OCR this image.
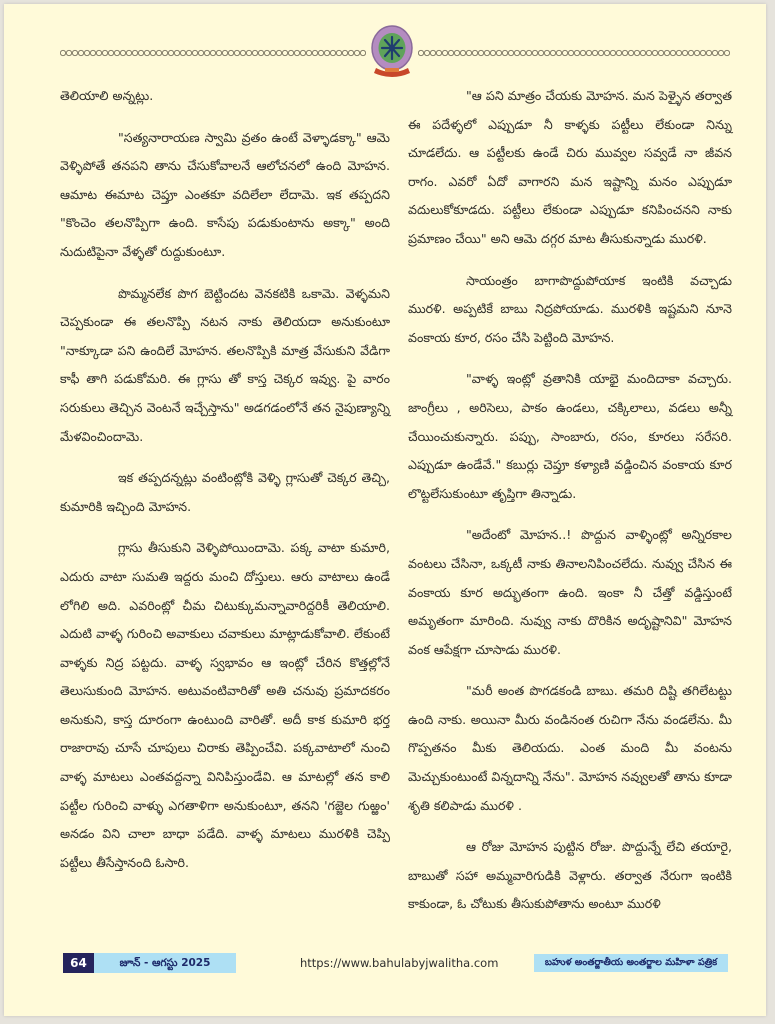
తెలియాలి అన్నట్లు.

"సత్యనారాయణ స్వామి వ్రతం ఉంటే వెళ్ళాడక్కా" ఆమె వెళ్ళిపోతే తనపని తాను చేసుకోవాలనే ఆలోచనలో ఉంది మోహన. ఆమాట ఈమాట చెప్తూ ఎంతకూ వదిలేలా లేదామె. ఇక తప్పదని "కొంచెం తలనొప్పిగా ఉంది. కాసేపు పడుకుంటాను అక్కా" అంది నుదుటిపైనా వేళ్ళతో రుద్దుకుంటూ.

పొమ్మనలేక పొగ బెట్టిందట వెనకటికి ఒకామె. వెళ్ళమని చెప్పకుండా ఈ తలనొప్పి నటన నాకు తెలియదా అనుకుంటూ "నాక్కూడా పని ఉందిలే మోహన. తలనొప్పికి మాత్ర వేసుకుని వేడిగా కాఫీ తాగి పడుకోమరి. ఈ గ్లాసు తో కాస్త చెక్కర ఇవ్వు. పై వారం సరుకులు తెచ్చిన వెంటనే ఇచ్చేస్తాను" అడగడంలోనే తన నైపుణ్యాన్ని మేళవించిందామె.

ఇక తప్పదన్నట్లు వంటింట్లోకి వెళ్ళి గ్లాసుతో చెక్కర తెచ్చి, కుమారికి ఇచ్చింది మోహన.

గ్లాసు తీసుకుని వెళ్ళిపోయిందామె. పక్క వాటా కుమారి, ఎదురు వాటా సుమతి ఇద్దరు మంచి దోస్తులు. ఆరు వాటాలు ఉండే లోగిలి అది. ఎవరింట్లో చీమ చిటుక్కుమన్నావారిద్దరికీ తెలియాలి. ఎదుటి వాళ్ళ గురించి అవాకులు చవాకులు మాట్లాడుకోవాలి. లేకుంటే వాళ్ళకు నిద్ర పట్టదు. వాళ్ళ స్వభావం ఆ ఇంట్లో చేరిన కొత్తల్లోనే తెలుసుకుంది మోహన. అటువంటివారితో అతి చనువు ప్రమాదకరం అనుకుని, కాస్త దూరంగా ఉంటుంది వారితో. అదీ కాక కుమారి భర్త రాజారావు చూసే చూపులు చిరాకు తెప్పించేవి. పక్కవాటాలో నుంచి వాళ్ళ మాటలు ఎంతవద్దన్నా వినిపిస్తుండేవి. ఆ మాటల్లో తన కాలి పట్టీల గురించి వాళ్ళు ఎగతాళిగా అనుకుంటూ, తనని 'గజ్జెల గుఱ్ఱం' అనడం విని చాలా బాధా పడేది. వాళ్ళ మాటలు మురళికి చెప్పి పట్టీలు తీసేస్తానంది ఓసారి.

"ఆ పని మాత్రం చేయకు మోహన. మన పెళ్ళైన తర్వాత ఈ పదేళ్ళలో ఎప్పుడూ నీ కాళ్ళకు పట్టీలు లేకుండా నిన్ను చూడలేదు. ఆ పట్టీలకు ఉండే చిరు మువ్వల సవ్వడే నా జీవన రాగం. ఎవరో ఏదో వాగారని మన ఇష్టాన్ని మనం ఎప్పుడూ వదులుకోకూడదు. పట్టీలు లేకుండా ఎప్పుడూ కనిపించనని నాకు ప్రమాణం చేయి" అని ఆమె దగ్గర మాట తీసుకున్నాడు మురళి.

సాయంత్రం బాగాపొద్దుపోయాక ఇంటికి వచ్చాడు మురళి. అప్పటికే బాబు నిద్రపోయాడు. మురళికి ఇష్టమని నూనె వంకాయ కూర, రసం చేసి పెట్టింది మోహన.

"వాళ్ళ ఇంట్లో వ్రతానికి యాభై మందిదాకా వచ్చారు. జాంగ్రీలు , అరిసెలు, పాకం ఉండలు, చక్కిలాలు, వడలు అన్నీ చేయించుకున్నారు. పప్పు, సాంబారు, రసం, కూరలు సరేసరి. ఎప్పుడూ ఉండేవే." కబుర్లు చెప్తూ కళ్యాణి వడ్డించిన వంకాయ కూర లొట్టలేసుకుంటూ తృప్తిగా తిన్నాడు.

"అదేంటో మోహన..! పొద్దున వాళ్ళింట్లో అన్నిరకాల వంటలు చేసినా, ఒక్కటీ నాకు తినాలనిపించలేదు. నువ్వు చేసిన ఈ వంకాయ కూర అద్భుతంగా ఉంది. ఇంకా నీ చేత్తో వడ్డిస్తుంటే అమృతంగా మారింది. నువ్వు నాకు దొరికిన అదృష్టానివి" మోహన వంక ఆపేక్షగా చూసాడు మురళి.

"మరీ అంత పొగడకండి బాబు. తమరి దిష్టి తగిలేటట్టు ఉంది నాకు. అయినా మీరు వండినంత రుచిగా నేను వండలేను. మీ గొప్పతనం మీకు తెలియదు. ఎంత మంది మీ వంటను మెచ్చుకుంటుంటే విన్నదాన్ని నేను". మోహన నవ్వులతో తాను కూడా శృతి కలిపాడు మురళి .

ఆ రోజు మోహన పుట్టిన రోజు. పొద్దున్నే లేచి తయారై, బాబుతో సహా అమ్మవారిగుడికి వెళ్లారు. తర్వాత నేరుగా ఇంటికి కాకుండా, ఓ చోటుకు తీసుకుపోతాను అంటూ మురళి

64	జూన్ - ఆగస్టు 2025	https://www.bahulabyjwalitha.com	బహుళ అంతర్జాతీయ అంతర్జాల మహిళా పత్రిక
